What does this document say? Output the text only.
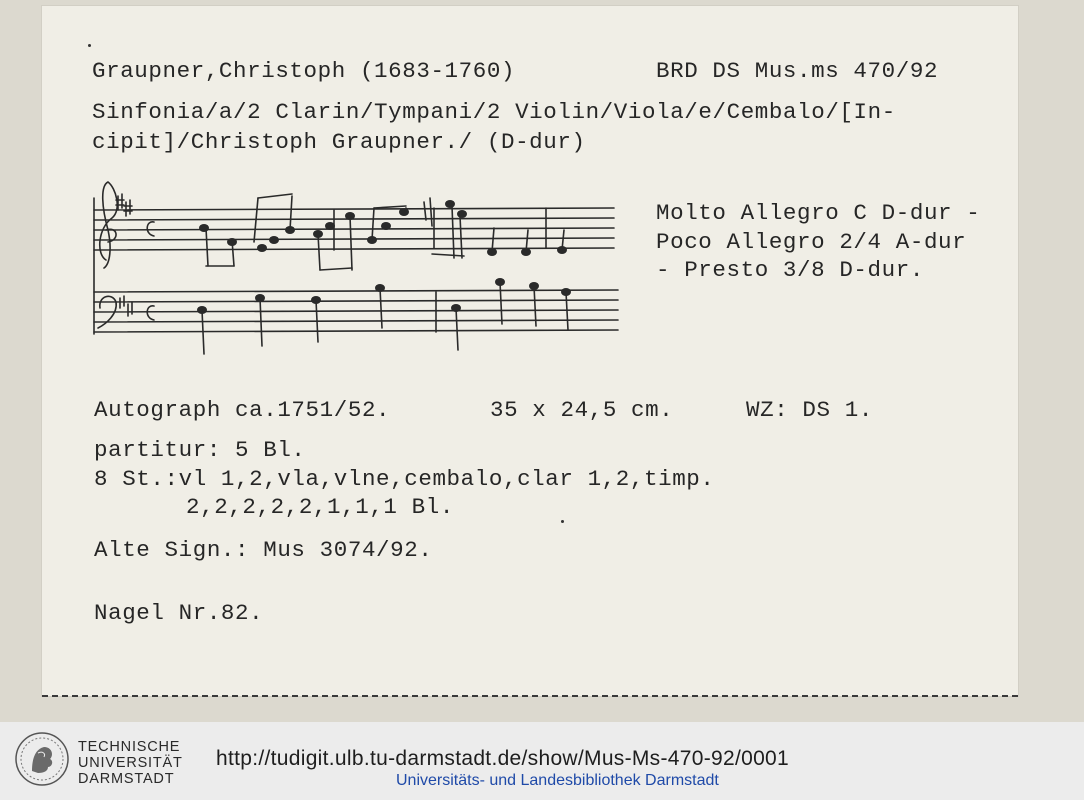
Graupner,Christoph (1683-1760)	BRD DS Mus.ms 470/92
Sinfonia/a/2 Clarin/Tympani/2 Violin/Viola/e/Cembalo/[In-
cipit]/Christoph Graupner./ (D-dur)
Molto Allegro C D-dur -
Poco Allegro 2/4 A-dur
- Presto 3/8 D-dur.
Autograph ca.1751/52.	35 x 24,5 cm.	WZ: DS 1.
partitur: 5 Bl.
8 St.:vl 1,2,vla,vlne,cembalo,clar 1,2,timp.
2,2,2,2,2,1,1,1 Bl.
Alte Sign.: Mus 3074/92.
Nagel Nr.82.
TECHNISCHE
UNIVERSITÄT
DARMSTADT
http://tudigit.ulb.tu-darmstadt.de/show/Mus-Ms-470-92/0001
Universitäts- und Landesbibliothek Darmstadt
